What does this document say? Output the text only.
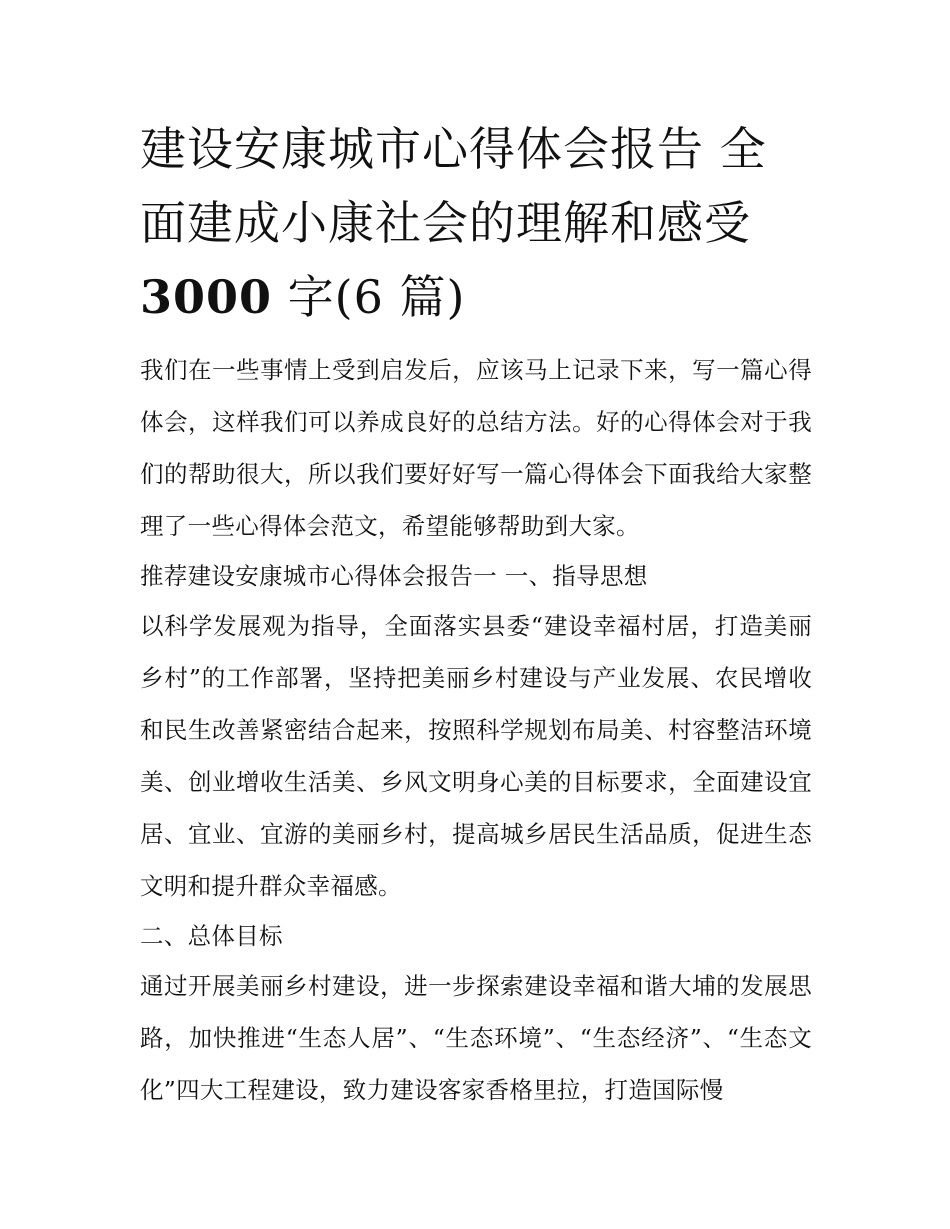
建设安康城市心得体会报告 全面建成小康社会的理解和感受
3000 字(6 篇)

我们在一些事情上受到启发后，应该马上记录下来，写一篇心得体会，这样我们可以养成良好的总结方法。好的心得体会对于我们的帮助很大，所以我们要好好写一篇心得体会下面我给大家整理了一些心得体会范文，希望能够帮助到大家。

推荐建设安康城市心得体会报告一 一、指导思想

以科学发展观为指导，全面落实县委“建设幸福村居，打造美丽乡村”的工作部署，坚持把美丽乡村建设与产业发展、农民增收和民生改善紧密结合起来，按照科学规划布局美、村容整洁环境美、创业增收生活美、乡风文明身心美的目标要求，全面建设宜居、宜业、宜游的美丽乡村，提高城乡居民生活品质，促进生态文明和提升群众幸福感。

二、总体目标

通过开展美丽乡村建设，进一步探索建设幸福和谐大埔的发展思路，加快推进“生态人居”、“生态环境”、“生态经济”、“生态文化”四大工程建设，致力建设客家香格里拉，打造国际慢
